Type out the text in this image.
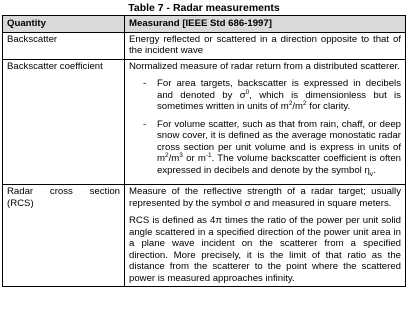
Table 7 - Radar measurements
Quantity	Measurand [IEEE Std 686-1997]
Backscatter	Energy reflected or scattered in a direction opposite to that of the incident wave
Backscatter coefficient	Normalized measure of radar return from a distributed scatterer.

- For area targets, backscatter is expressed in decibels and denoted by $\sigma^0$, which is dimensionless but is sometimes written in units of $m^2/m^2$ for clarity.
- For volume scatter, such as that from rain, chaff, or deep snow cover, it is defined as the average monostatic radar cross section per unit volume and is express in units of $m^2/m^3$ or $m^{-1}$. The volume backscatter coefficient is often expressed in decibels and denote by the symbol $\eta_v$.

Radar cross section (RCS)	Measure of the reflective strength of a radar target; usually represented by the symbol σ and measured in square meters.

RCS is defined as 4π times the ratio of the power per unit solid angle scattered in a specified direction of the power unit area in a plane wave incident on the scatterer from a specified direction. More precisely, it is the limit of that ratio as the distance from the scatterer to the point where the scattered power is measured approaches infinity.
